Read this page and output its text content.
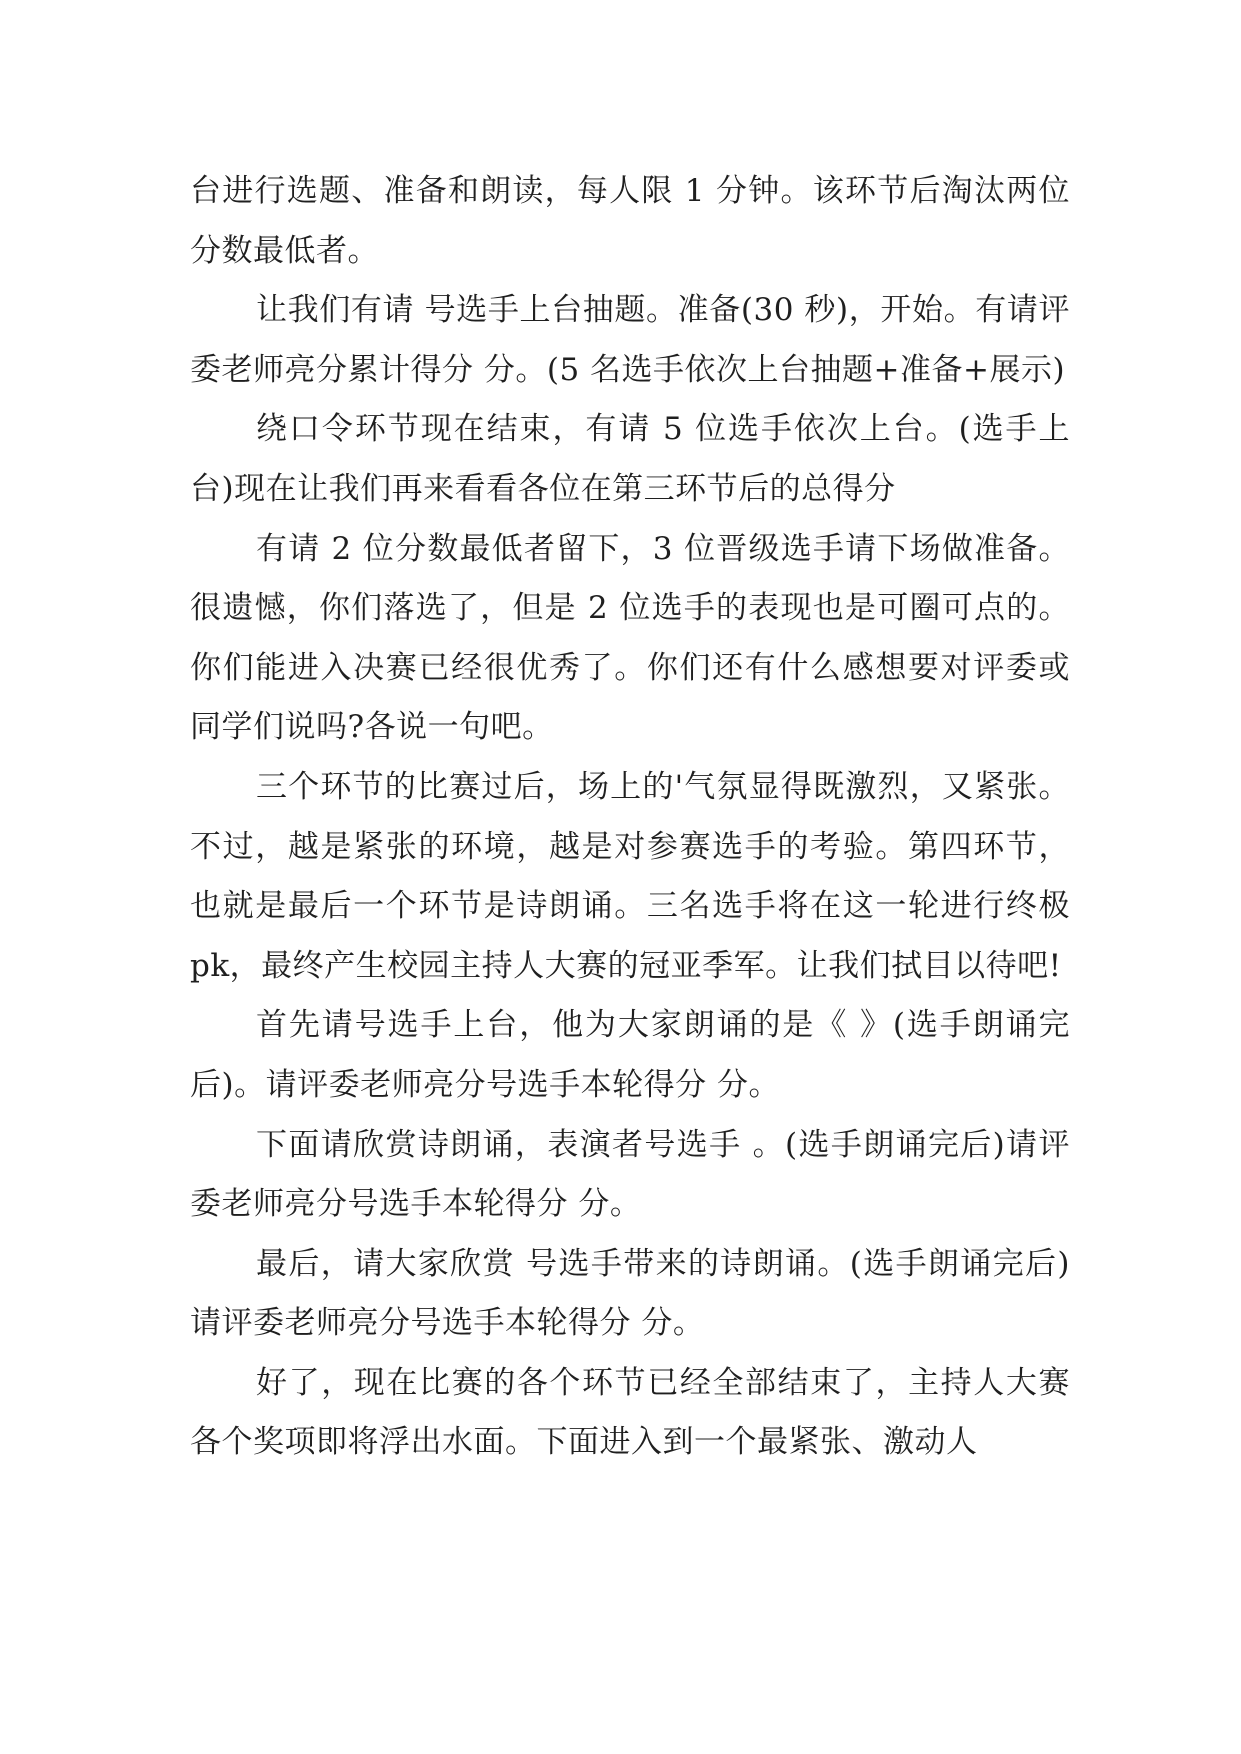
台进行选题、准备和朗读，每人限 1 分钟。该环节后淘汰两位分数最低者。

让我们有请 号选手上台抽题。准备(30 秒)，开始。有请评委老师亮分累计得分 分。(5 名选手依次上台抽题+准备+展示)

绕口令环节现在结束，有请 5 位选手依次上台。(选手上台)现在让我们再来看看各位在第三环节后的总得分

有请 2 位分数最低者留下，3 位晋级选手请下场做准备。很遗憾，你们落选了，但是 2 位选手的表现也是可圈可点的。你们能进入决赛已经很优秀了。你们还有什么感想要对评委或同学们说吗?各说一句吧。

三个环节的比赛过后，场上的'气氛显得既激烈，又紧张。不过，越是紧张的环境，越是对参赛选手的考验。第四环节，也就是最后一个环节是诗朗诵。三名选手将在这一轮进行终极 pk，最终产生校园主持人大赛的冠亚季军。让我们拭目以待吧!

首先请号选手上台，他为大家朗诵的是《 》(选手朗诵完后)。请评委老师亮分号选手本轮得分 分。

下面请欣赏诗朗诵，表演者号选手 。(选手朗诵完后)请评委老师亮分号选手本轮得分 分。

最后，请大家欣赏 号选手带来的诗朗诵。(选手朗诵完后)请评委老师亮分号选手本轮得分 分。

好了，现在比赛的各个环节已经全部结束了，主持人大赛各个奖项即将浮出水面。下面进入到一个最紧张、激动人
